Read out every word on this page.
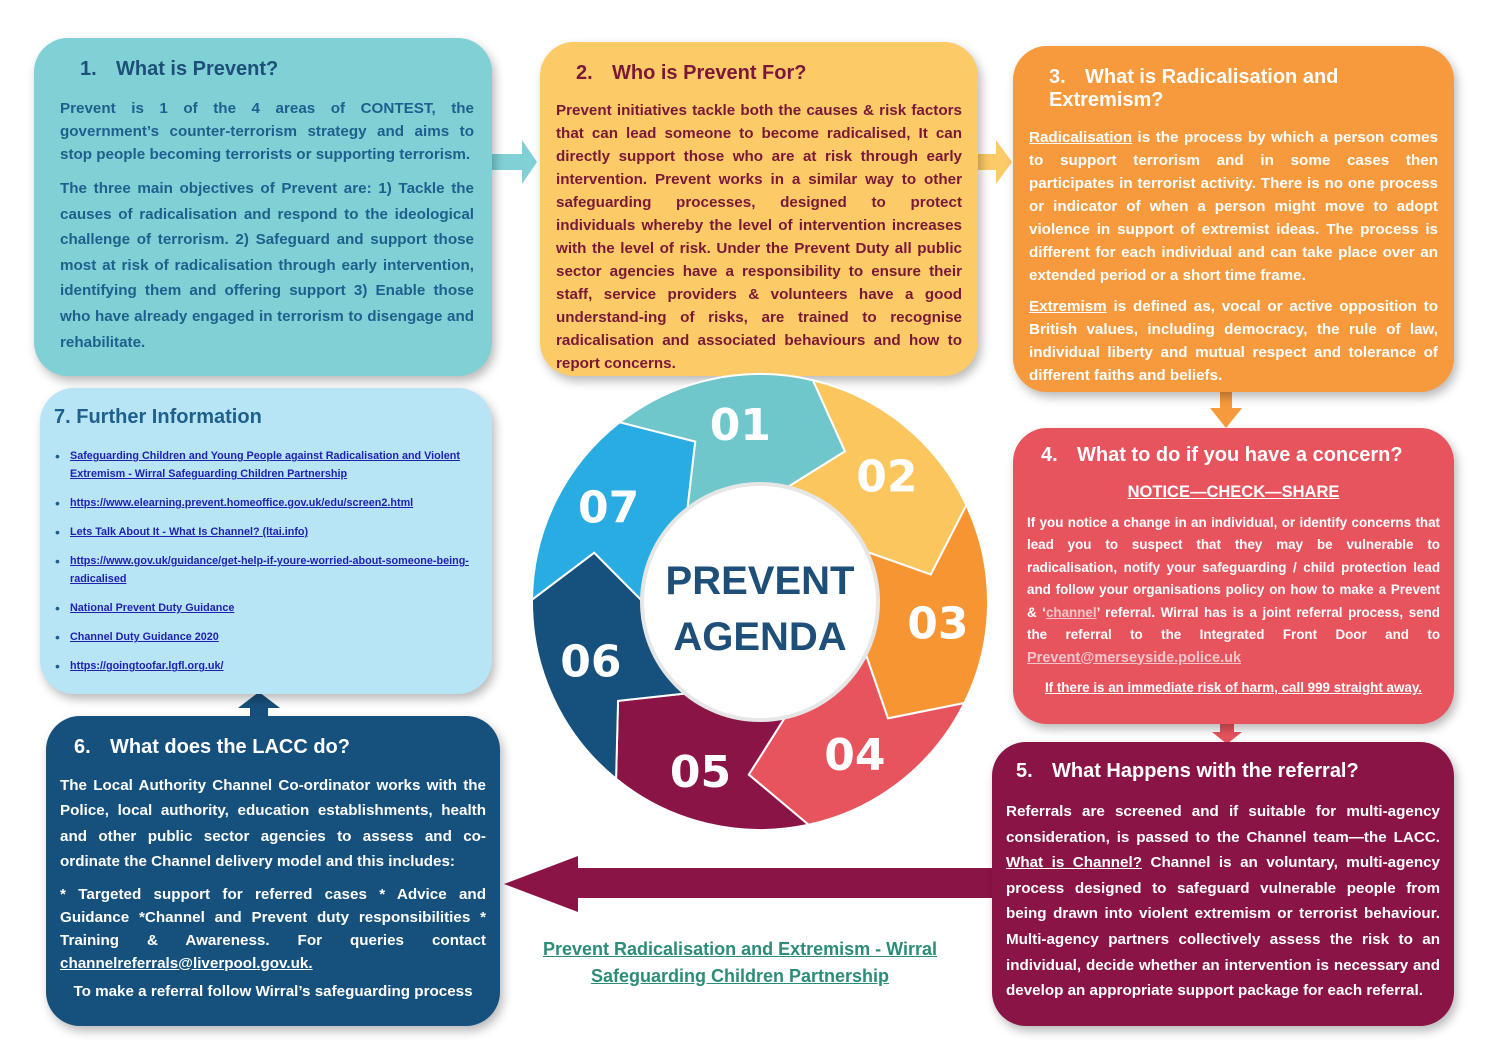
1. What is Prevent?

Prevent is 1 of the 4 areas of CONTEST, the government’s counter-terrorism strategy and aims to stop people becoming terrorists or supporting terrorism.

The three main objectives of Prevent are: 1) Tackle the causes of radicalisation and respond to the ideological challenge of terrorism. 2) Safeguard and support those most at risk of radicalisation through early intervention, identifying them and offering support 3) Enable those who have already engaged in terrorism to disengage and rehabilitate.

2. Who is Prevent For?

Prevent initiatives tackle both the causes & risk factors that can lead someone to become radicalised, It can directly support those who are at risk through early intervention. Prevent works in a similar way to other safeguarding processes, designed to protect individuals whereby the level of intervention increases with the level of risk. Under the Prevent Duty all public sector agencies have a responsibility to ensure their staff, service providers & volunteers have a good understand-ing of risks, are trained to recognise radicalisation and associated behaviours and how to report concerns.

3. What is Radicalisation and Extremism?

Radicalisation is the process by which a person comes to support terrorism and in some cases then participates in terrorist activity. There is no one process or indicator of when a person might move to adopt violence in support of extremist ideas. The process is different for each individual and can take place over an extended period or a short time frame.

Extremism is defined as, vocal or active opposition to British values, including democracy, the rule of law, individual liberty and mutual respect and tolerance of different faiths and beliefs.

4. What to do if you have a concern?

NOTICE—CHECK—SHARE

If you notice a change in an individual, or identify concerns that lead you to suspect that they may be vulnerable to radicalisation, notify your safeguarding / child protection lead and follow your organisations policy on how to make a Prevent & ‘channel’ referral. Wirral has is a joint referral process, send the referral to the Integrated Front Door and to Prevent@merseyside.police.uk

If there is an immediate risk of harm, call 999 straight away.

5. What Happens with the referral?

Referrals are screened and if suitable for multi-agency consideration, is passed to the Channel team—the LACC. What is Channel? Channel is an voluntary, multi-agency process designed to safeguard vulnerable people from being drawn into violent extremism or terrorist behaviour. Multi-agency partners collectively assess the risk to an individual, decide whether an intervention is necessary and develop an appropriate support package for each referral.

6. What does the LACC do?

The Local Authority Channel Co-ordinator works with the Police, local authority, education establishments, health and other public sector agencies to assess and co-ordinate the Channel delivery model and this includes:

* Targeted support for referred cases * Advice and Guidance *Channel and Prevent duty responsibilities * Training & Awareness. For queries contact channelreferrals@liverpool.gov.uk.

To make a referral follow Wirral’s safeguarding process

7. Further Information
• Safeguarding Children and Young People against Radicalisation and Violent Extremism - Wirral Safeguarding Children Partnership
• https://www.elearning.prevent.homeoffice.gov.uk/edu/screen2.html
• Lets Talk About It - What Is Channel? (ltai.info)
• https://www.gov.uk/guidance/get-help-if-youre-worried-about-someone-being-radicalised
• National Prevent Duty Guidance
• Channel Duty Guidance 2020
• https://goingtoofar.lgfl.org.uk/
01
02
03
04
05
06
07
PREVENT
AGENDA
Prevent Radicalisation and Extremism - Wirral
Safeguarding Children Partnership
